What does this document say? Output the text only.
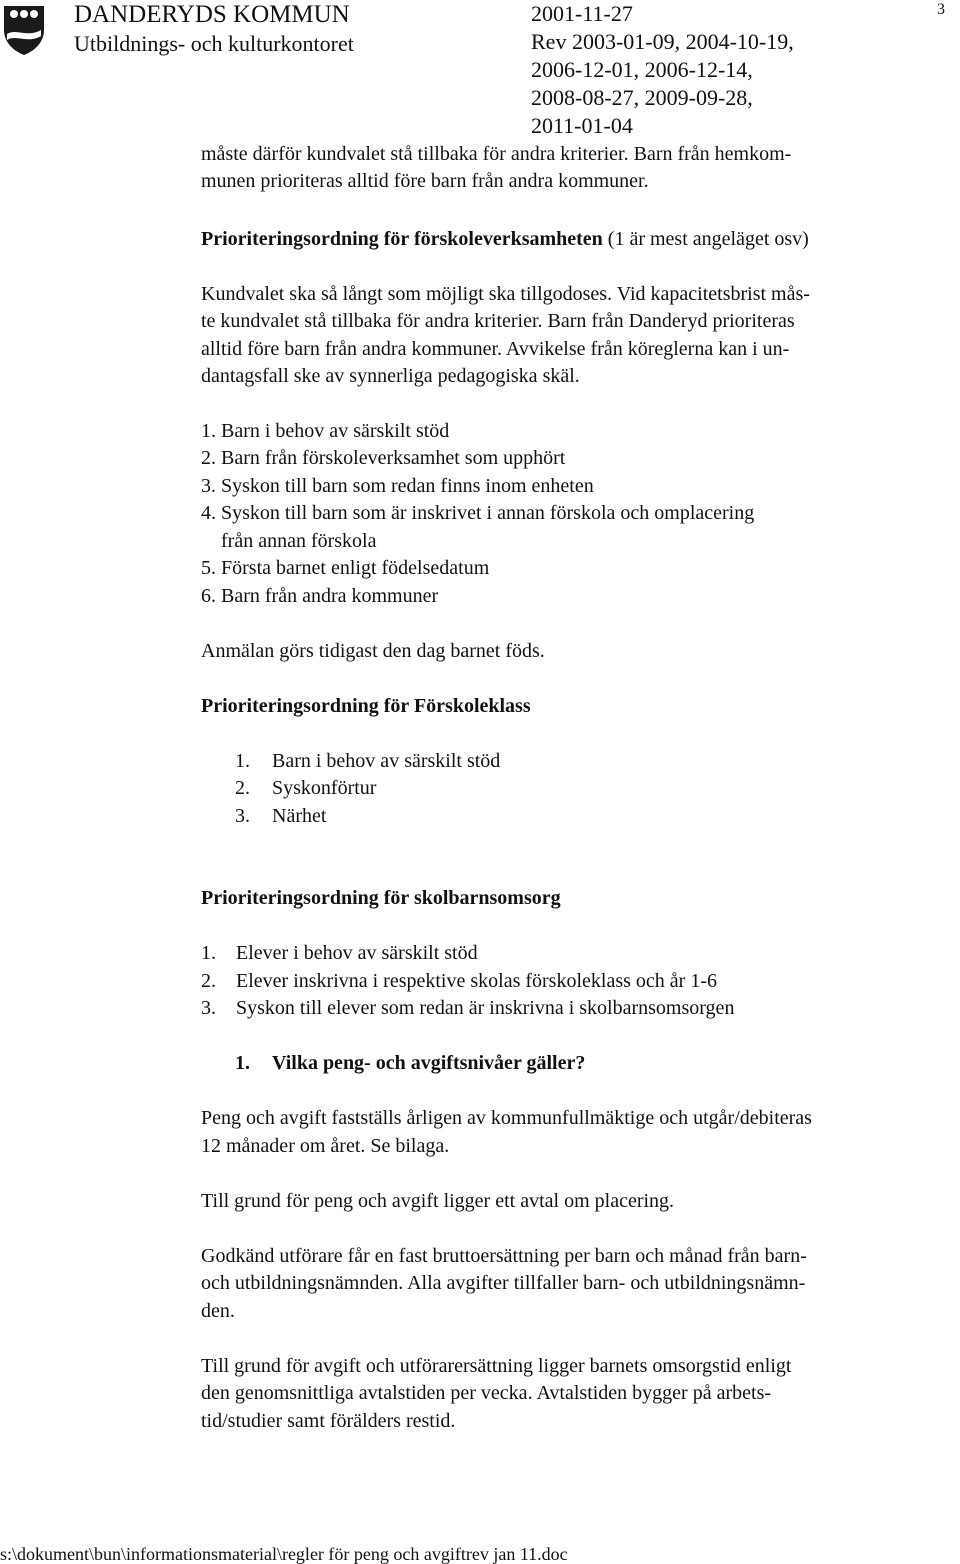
DANDERYDS KOMMUN
Utbildnings- och kulturkontoret
2001-11-27
Rev 2003-01-09, 2004-10-19,
2006-12-01, 2006-12-14,
2008-08-27, 2009-09-28,
2011-01-04
3
måste därför kundvalet stå tillbaka för andra kriterier. Barn från hemkom-
munen prioriteras alltid före barn från andra kommuner.
Prioriteringsordning för förskoleverksamheten (1 är mest angeläget osv)
Kundvalet ska så långt som möjligt ska tillgodoses. Vid kapacitetsbrist mås-
te kundvalet stå tillbaka för andra kriterier. Barn från Danderyd prioriteras
alltid före barn från andra kommuner. Avvikelse från köreglerna kan i un-
dantagsfall ske av synnerliga pedagogiska skäl.
1. Barn i behov av särskilt stöd
2. Barn från förskoleverksamhet som upphört
3. Syskon till barn som redan finns inom enheten
4. Syskon till barn som är inskrivet i annan förskola och omplacering
från annan förskola
5. Första barnet enligt födelsedatum
6. Barn från andra kommuner
Anmälan görs tidigast den dag barnet föds.
Prioriteringsordning för Förskoleklass
1. Barn i behov av särskilt stöd
2. Syskonförtur
3. Närhet
Prioriteringsordning för skolbarnsomsorg
1. Elever i behov av särskilt stöd
2. Elever inskrivna i respektive skolas förskoleklass och år 1-6
3. Syskon till elever som redan är inskrivna i skolbarnsomsorgen
1. Vilka peng- och avgiftsnivåer gäller?
Peng och avgift fastställs årligen av kommunfullmäktige och utgår/debiteras
12 månader om året. Se bilaga.
Till grund för peng och avgift ligger ett avtal om placering.
Godkänd utförare får en fast bruttoersättning per barn och månad från barn-
och utbildningsnämnden. Alla avgifter tillfaller barn- och utbildningsnämn-
den.
Till grund för avgift och utförarersättning ligger barnets omsorgstid enligt
den genomsnittliga avtalstiden per vecka. Avtalstiden bygger på arbets-
tid/studier samt förälders restid.
s:\dokument\bun\informationsmaterial\regler för peng och avgiftrev jan 11.doc
